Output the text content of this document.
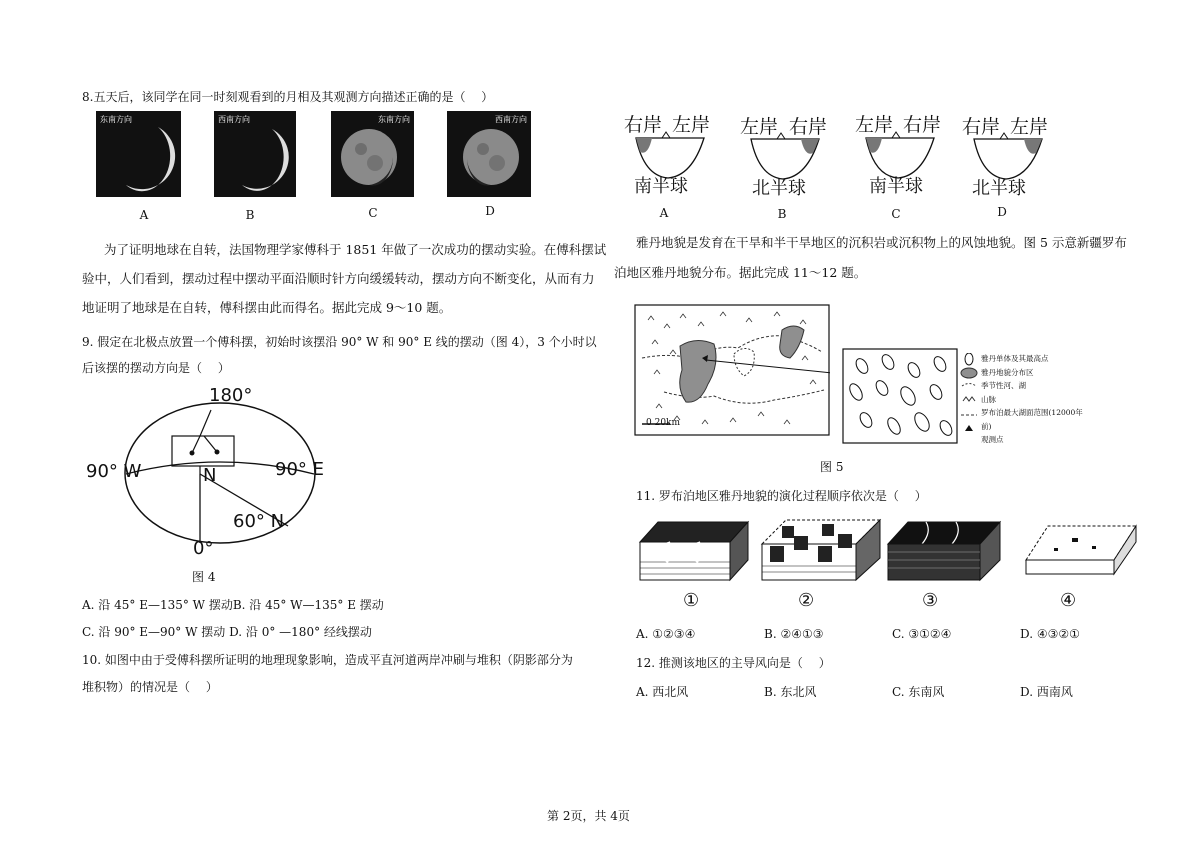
8.五天后，该同学在同一时刻观看到的月相及其观测方向描述正确的是（　 ）
东南方向	西南方向	东南方向	西南方向
A	B	C	D
为了证明地球在自转，法国物理学家傅科于 1851 年做了一次成功的摆动实验。在傅科摆试
验中，人们看到，摆动过程中摆动平面沿顺时针方向缓缓转动，摆动方向不断变化，从而有力
地证明了地球是在自转，傅科摆由此而得名。据此完成 9～10 题。
9. 假定在北极点放置一个傅科摆，初始时该摆沿 90° W 和 90° E 线的摆动（图 4），3 个小时以
后该摆的摆动方向是（　 ）
180°
90° W	90° E
N
60° N
0°
图 4
A. 沿 45° E—135° W 摆动B. 沿 45° W—135° E 摆动
C. 沿 90° E—90° W 摆动 D. 沿 0° —180° 经线摆动
10. 如图中由于受傅科摆所证明的地理现象影响，造成平直河道两岸冲刷与堆积（阴影部分为
堆积物）的情况是（　 ）
右岸 左岸 左岸 右岸 左岸 右岸 右岸 左岸
南半球	北半球	南半球	北半球
A	B	C	D
雅丹地貌是发育在干旱和半干旱地区的沉积岩或沉积物上的风蚀地貌。图 5 示意新疆罗布
泊地区雅丹地貌分布。据此完成 11～12 题。
0 20km
雅丹单体及其最高点
雅丹地貌分布区
季节性河、湖
山脉
罗布泊最大湖面范围(12000年前)
观测点
图 5
11. 罗布泊地区雅丹地貌的演化过程顺序依次是（　 ）
①	②	③	④
A. ①②③④	B. ②④①③	C. ③①②④	D. ④③②①
12. 推测该地区的主导风向是（　 ）
A. 西北风	B. 东北风	C. 东南风	D. 西南风
第 2页，共 4页
